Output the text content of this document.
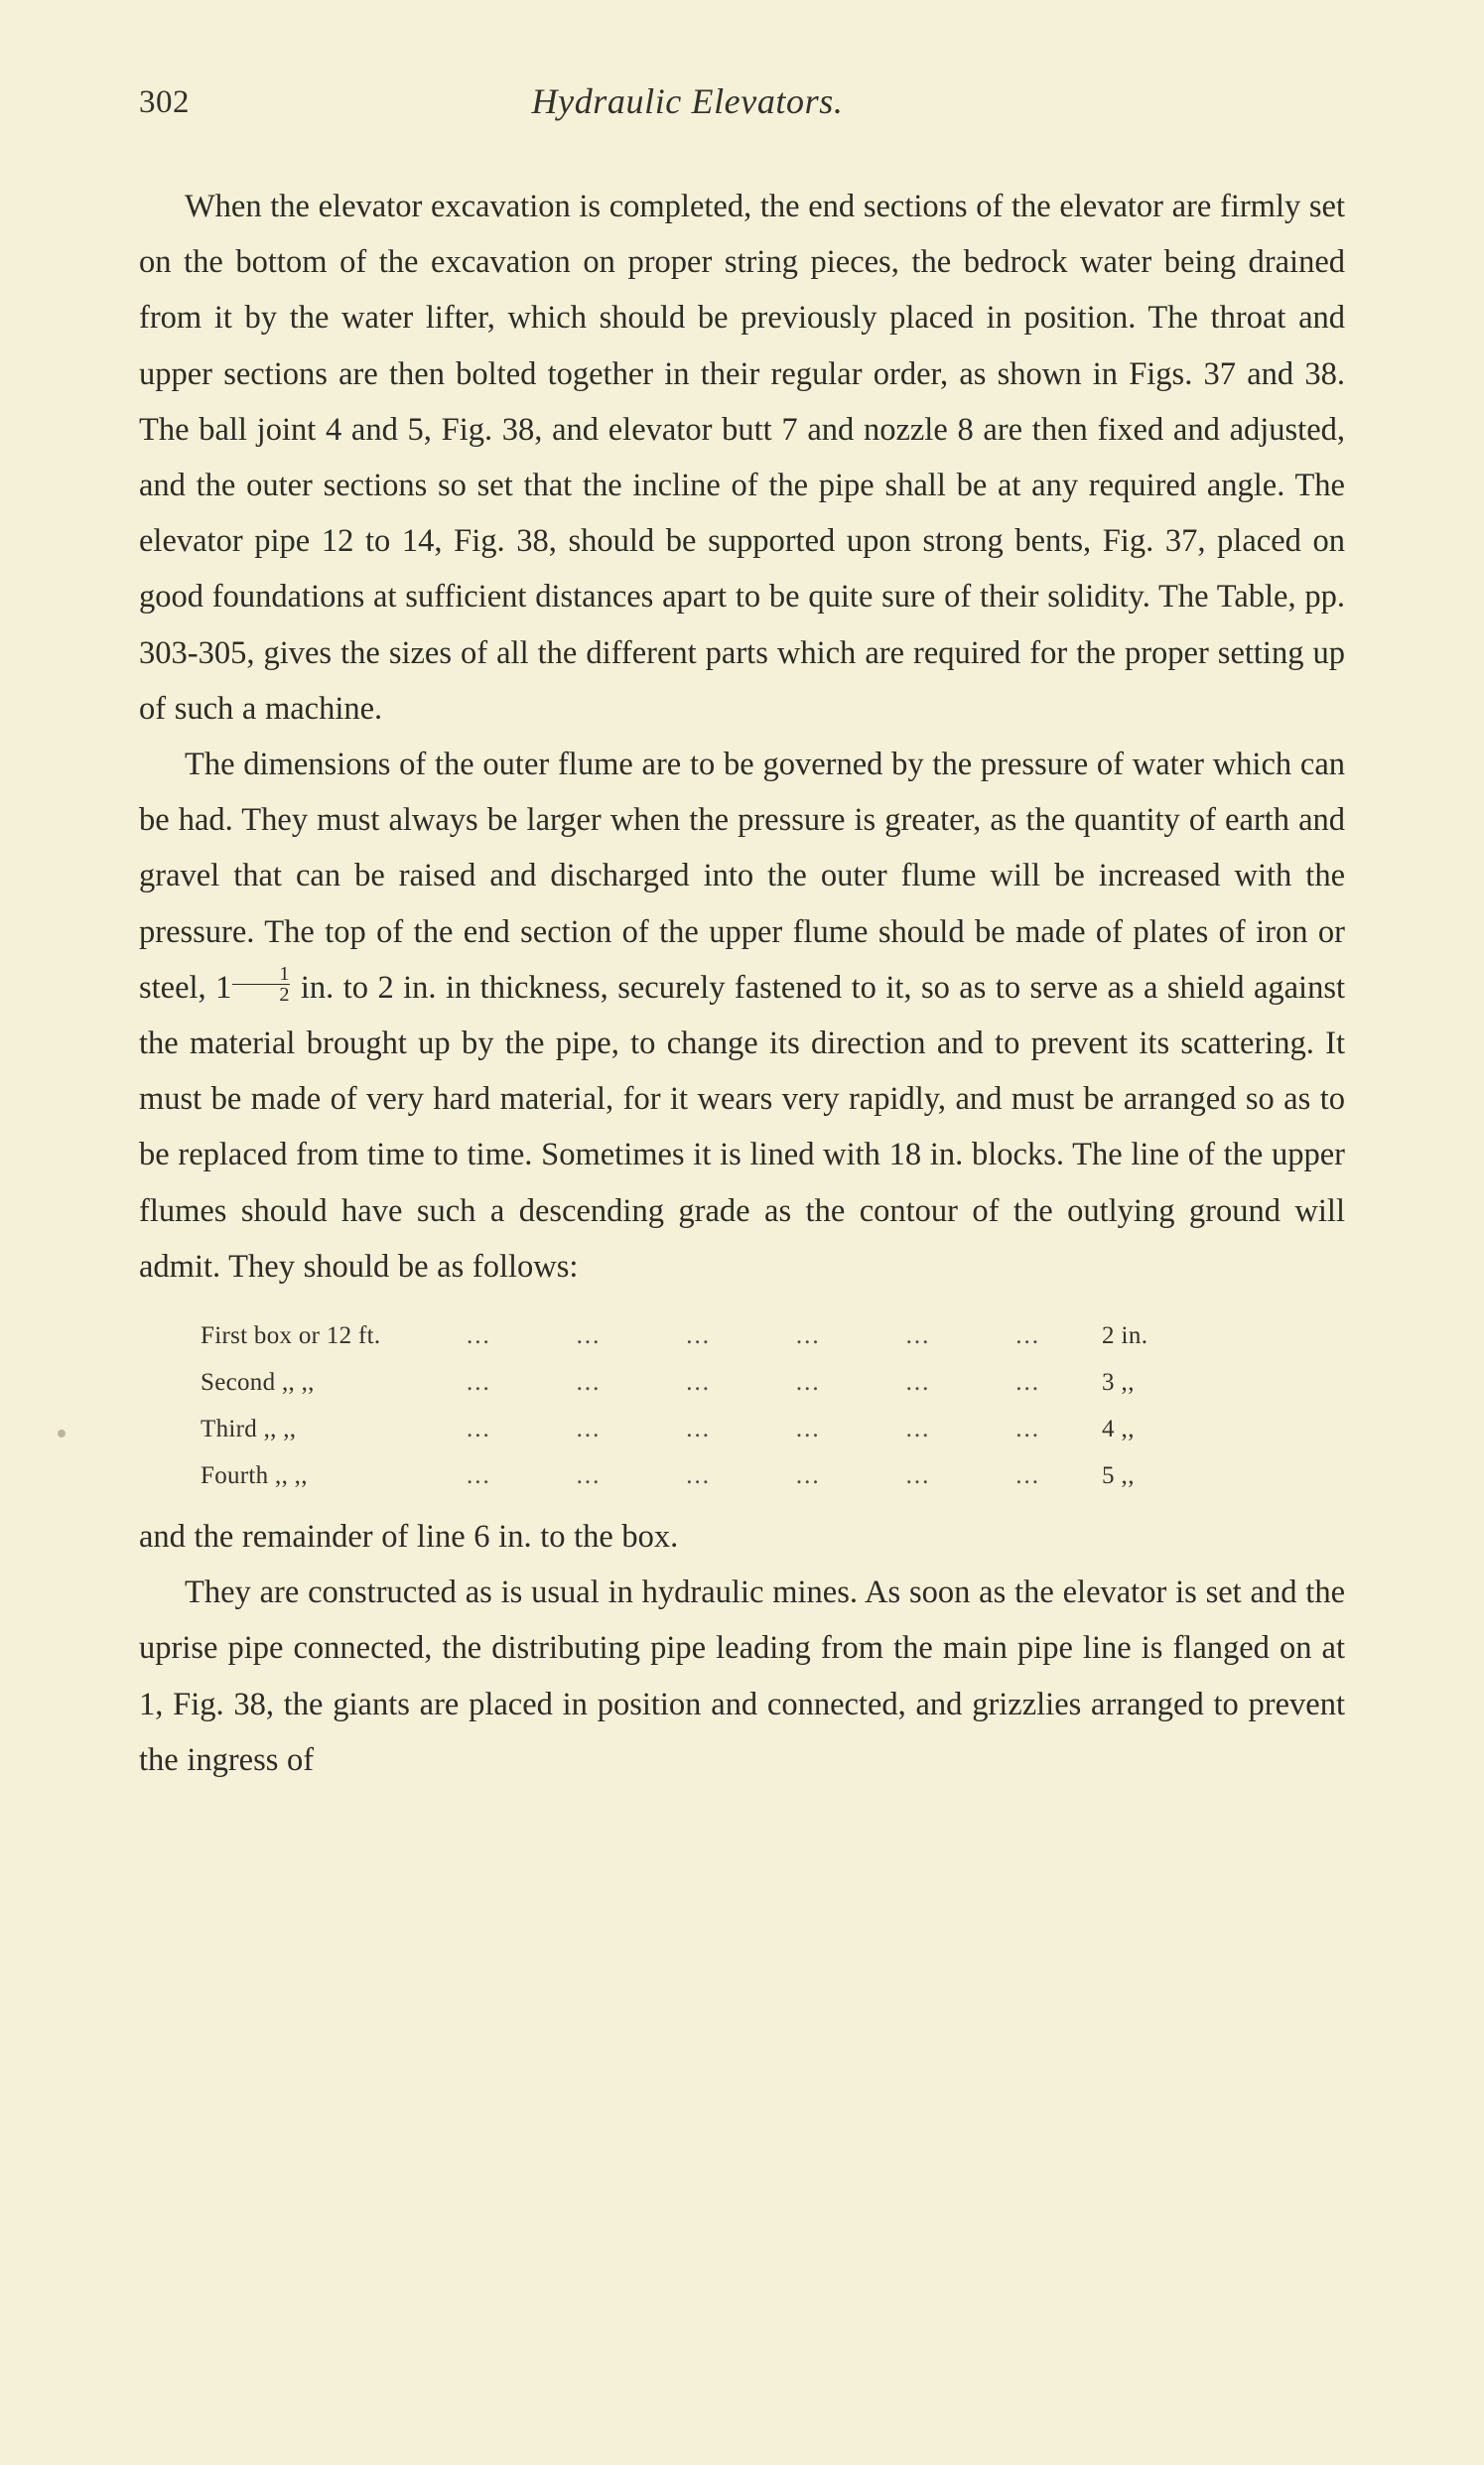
302	Hydraulic Elevators.

When the elevator excavation is completed, the end sections of the elevator are firmly set on the bottom of the excavation on proper string pieces, the bedrock water being drained from it by the water lifter, which should be previously placed in position. The throat and upper sections are then bolted together in their regular order, as shown in Figs. 37 and 38. The ball joint 4 and 5, Fig. 38, and elevator butt 7 and nozzle 8 are then fixed and adjusted, and the outer sections so set that the incline of the pipe shall be at any required angle. The elevator pipe 12 to 14, Fig. 38, should be supported upon strong bents, Fig. 37, placed on good foundations at sufficient distances apart to be quite sure of their solidity. The Table, pp. 303-305, gives the sizes of all the different parts which are required for the proper setting up of such a machine.

The dimensions of the outer flume are to be governed by the pressure of water which can be had. They must always be larger when the pressure is greater, as the quantity of earth and gravel that can be raised and discharged into the outer flume will be increased with the pressure. The top of the end section of the upper flume should be made of plates of iron or steel, $1 \frac{1}{2}$ in. to 2 in. in thickness, securely fastened to it, so as to serve as a shield against the material brought up by the pipe, to change its direction and to prevent its scattering. It must be made of very hard material, for it wears very rapidly, and must be arranged so as to be replaced from time to time. Sometimes it is lined with 18 in. blocks. The line of the upper flumes should have such a descending grade as the contour of the outlying ground will admit. They should be as follows:

First box or 12 ft.	...	...	...	...	...	...	2 in.
Second ,, ,,	...	...	...	...	...	...	3 ,,
Third ,, ,,	...	...	...	...	...	...	4 ,,
Fourth ,, ,,	...	...	...	...	...	...	5 ,,

and the remainder of line 6 in. to the box.

They are constructed as is usual in hydraulic mines. As soon as the elevator is set and the uprise pipe connected, the distributing pipe leading from the main pipe line is flanged on at 1, Fig. 38, the giants are placed in position and connected, and grizzlies arranged to prevent the ingress of
